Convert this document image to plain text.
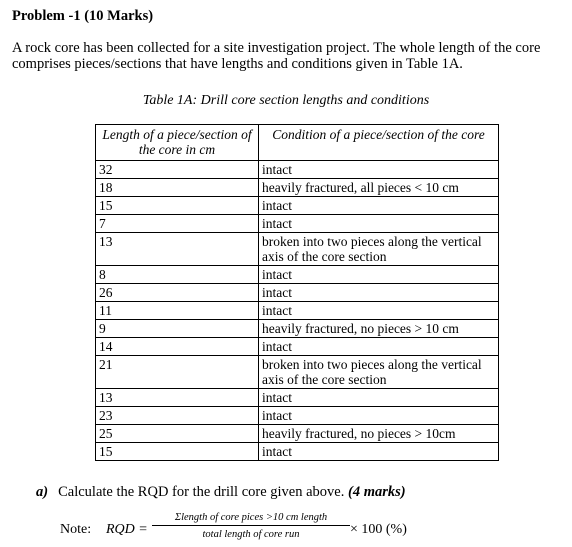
Problem -1 (10 Marks)
A rock core has been collected for a site investigation project. The whole length of the core comprises pieces/sections that have lengths and conditions given in Table 1A.
Table 1A: Drill core section lengths and conditions
Length of a piece/section of the core in cm	Condition of a piece/section of the core
32	intact
18	heavily fractured, all pieces < 10 cm
15	intact
7	intact
13	broken into two pieces along the vertical axis of the core section
8	intact
26	intact
11	intact
9	heavily fractured, no pieces > 10 cm
14	intact
21	broken into two pieces along the vertical axis of the core section
13	intact
23	intact
25	heavily fractured, no pieces > 10cm
15	intact
a) Calculate the RQD for the drill core given above. (4 marks)
Note: RQD =
Σlength of core pices >10 cm length
total length of core run	× 100 (%)
